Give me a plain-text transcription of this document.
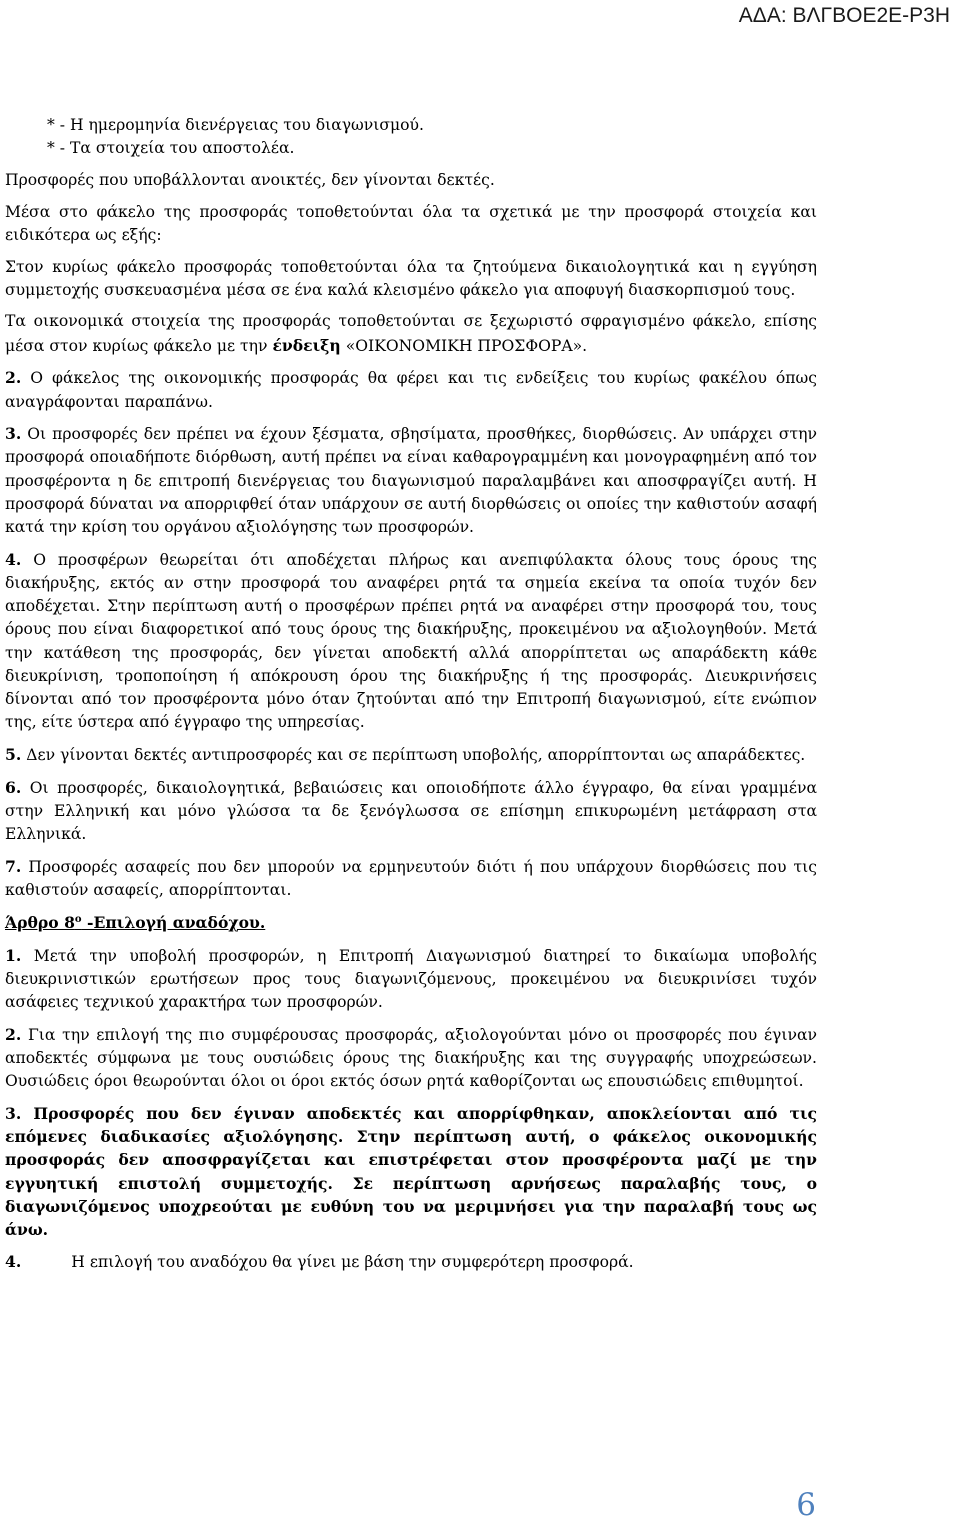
ΑΔΑ: ΒΛΓΒΟΕ2Ε-Ρ3Η

* - Η ημερομηνία διενέργειας του διαγωνισμού.

* - Τα στοιχεία του αποστολέα.

Προσφορές που υποβάλλονται ανοικτές, δεν γίνονται δεκτές.

Μέσα στο φάκελο της προσφοράς τοποθετούνται όλα τα σχετικά με την προσφορά στοιχεία και ειδικότερα ως εξής:

Στον κυρίως φάκελο προσφοράς τοποθετούνται όλα τα ζητούμενα δικαιολογητικά και η εγγύηση συμμετοχής συσκευασμένα μέσα σε ένα καλά κλεισμένο φάκελο για αποφυγή διασκορπισμού τους.

Τα οικονομικά στοιχεία της προσφοράς τοποθετούνται σε ξεχωριστό σφραγισμένο φάκελο, επίσης μέσα στον κυρίως φάκελο με την ένδειξη «ΟΙΚΟΝΟΜΙΚΗ ΠΡΟΣΦΟΡΑ».

2. Ο φάκελος της οικονομικής προσφοράς θα φέρει και τις ενδείξεις του κυρίως φακέλου όπως αναγράφονται παραπάνω.

3. Οι προσφορές δεν πρέπει να έχουν ξέσματα, σβησίματα, προσθήκες, διορθώσεις. Αν υπάρχει στην προσφορά οποιαδήποτε διόρθωση, αυτή πρέπει να είναι καθαρογραμμένη και μονογραφημένη από τον προσφέροντα η δε επιτροπή διενέργειας του διαγωνισμού παραλαμβάνει και αποσφραγίζει αυτή. Η προσφορά δύναται να απορριφθεί όταν υπάρχουν σε αυτή διορθώσεις οι οποίες την καθιστούν ασαφή κατά την κρίση του οργάνου αξιολόγησης των προσφορών.

4. Ο προσφέρων θεωρείται ότι αποδέχεται πλήρως και ανεπιφύλακτα όλους τους όρους της διακήρυξης, εκτός αν στην προσφορά του αναφέρει ρητά τα σημεία εκείνα τα οποία τυχόν δεν αποδέχεται. Στην περίπτωση αυτή ο προσφέρων πρέπει ρητά να αναφέρει στην προσφορά του, τους όρους που είναι διαφορετικοί από τους όρους της διακήρυξης, προκειμένου να αξιολογηθούν. Μετά την κατάθεση της προσφοράς, δεν γίνεται αποδεκτή αλλά απορρίπτεται ως απαράδεκτη κάθε διευκρίνιση, τροποποίηση ή απόκρουση όρου της διακήρυξης ή της προσφοράς. Διευκρινήσεις δίνονται από τον προσφέροντα μόνο όταν ζητούνται από την Επιτροπή διαγωνισμού, είτε ενώπιον της, είτε ύστερα από έγγραφο της υπηρεσίας.

5. Δεν γίνονται δεκτές αντιπροσφορές και σε περίπτωση υποβολής, απορρίπτονται ως απαράδεκτες.

6. Οι προσφορές, δικαιολογητικά, βεβαιώσεις και οποιοδήποτε άλλο έγγραφο, θα είναι γραμμένα στην Ελληνική και μόνο γλώσσα τα δε ξενόγλωσσα σε επίσημη επικυρωμένη μετάφραση στα Ελληνικά.

7. Προσφορές ασαφείς που δεν μπορούν να ερμηνευτούν διότι ή που υπάρχουν διορθώσεις που τις καθιστούν ασαφείς, απορρίπτονται.

Άρθρο $8^o$ -Επιλογή αναδόχου.

1. Μετά την υποβολή προσφορών, η Επιτροπή Διαγωνισμού διατηρεί το δικαίωμα υποβολής διευκρινιστικών ερωτήσεων προς τους διαγωνιζόμενους, προκειμένου να διευκρινίσει τυχόν ασάφειες τεχνικού χαρακτήρα των προσφορών.

2. Για την επιλογή της πιο συμφέρουσας προσφοράς, αξιολογούνται μόνο οι προσφορές που έγιναν αποδεκτές σύμφωνα με τους ουσιώδεις όρους της διακήρυξης και της συγγραφής υποχρεώσεων. Ουσιώδεις όροι θεωρούνται όλοι οι όροι εκτός όσων ρητά καθορίζονται ως επουσιώδεις επιθυμητοί.

3. Προσφορές που δεν έγιναν αποδεκτές και απορρίφθηκαν, αποκλείονται από τις επόμενες διαδικασίες αξιολόγησης. Στην περίπτωση αυτή, ο φάκελος οικονομικής προσφοράς δεν αποσφραγίζεται και επιστρέφεται στον προσφέροντα μαζί με την εγγυητική επιστολή συμμετοχής. Σε περίπτωση αρνήσεως παραλαβής τους, ο διαγωνιζόμενος υποχρεούται με ευθύνη του να μεριμνήσει για την παραλαβή τους ως άνω.

4.	Η επιλογή του αναδόχου θα γίνει με βάση την συμφερότερη προσφορά.

6
